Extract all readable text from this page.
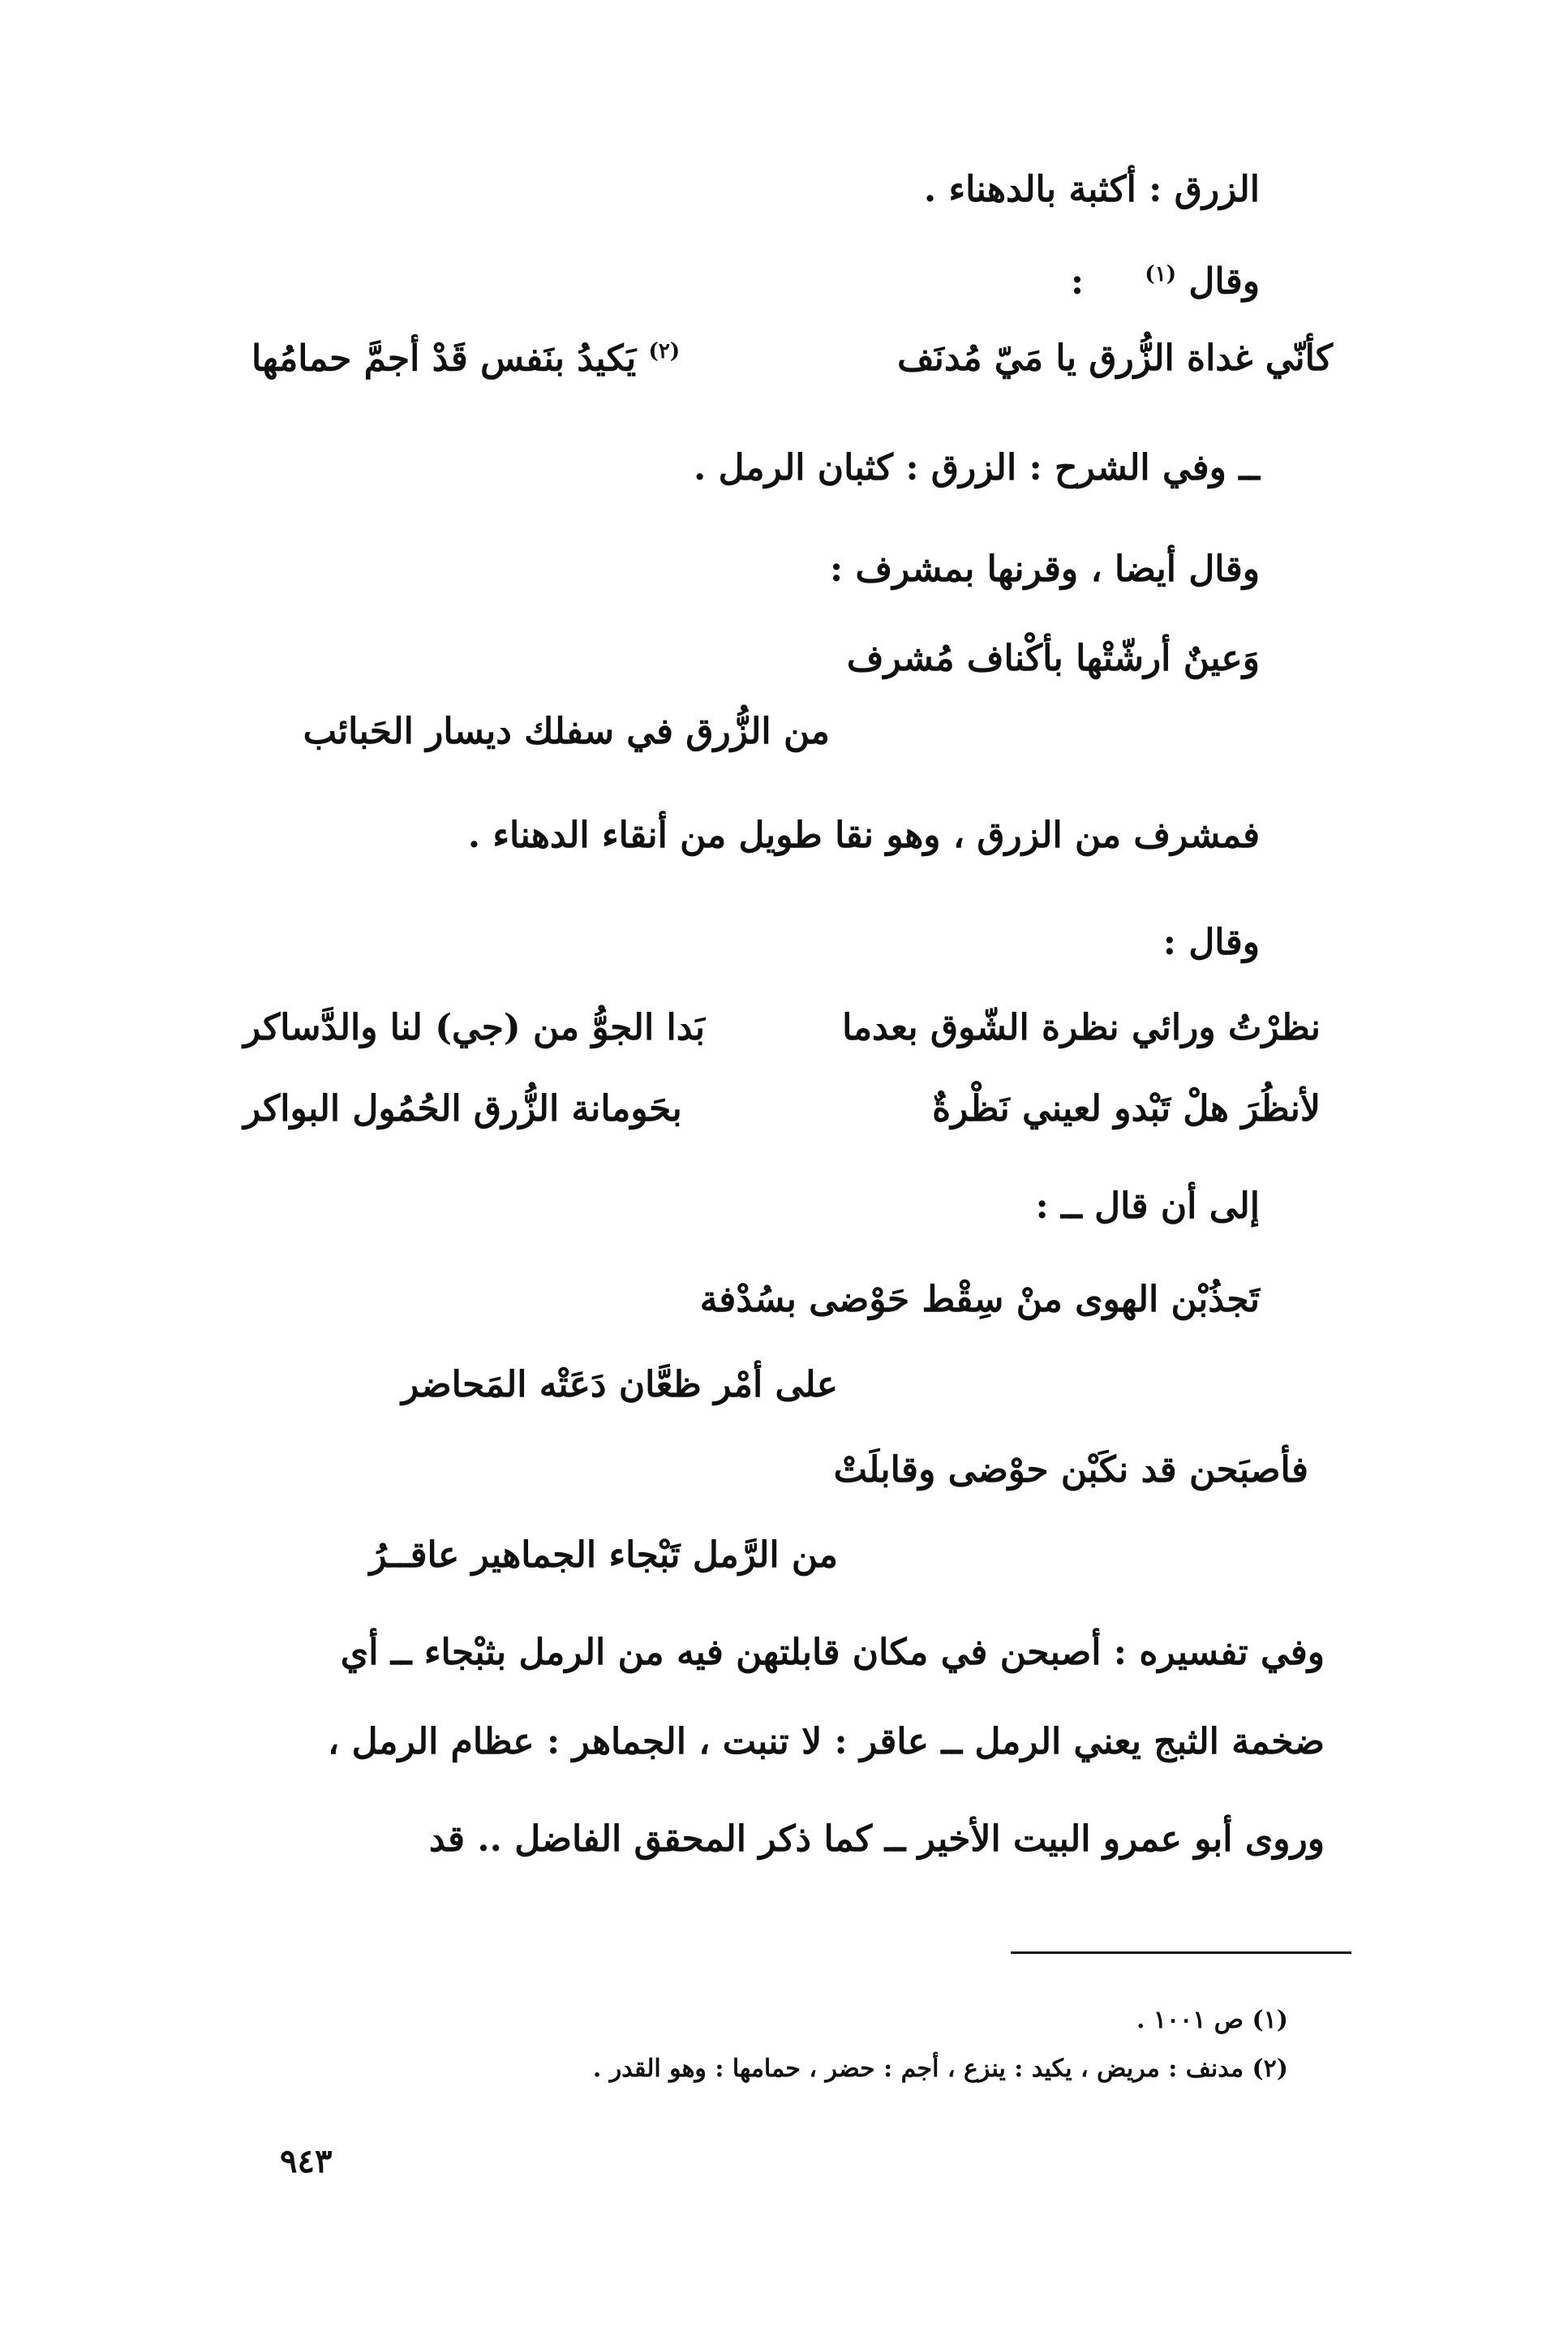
الزرق : أكثبة بالدهناء .
وقال $^{(١)}$ :
كأنّي غداة الزُّرق يا مَيّ مُدنَف
$^{(٢)}$ يَكيدُ بنَفس قَدْ أجمَّ حمامُها
ــ وفي الشرح : الزرق : كثبان الرمل .
وقال أيضا ، وقرنها بمشرف :
وَعينٌ أرشّتْها بأكْناف مُشرف
من الزُّرق في سفلك ديسار الحَبائب
فمشرف من الزرق ، وهو نقا طويل من أنقاء الدهناء .
وقال :
نظرْتُ ورائي نظرة الشّوق بعدما
بَدا الجوُّ من (جي) لنا والدَّساكر
لأنظُرَ هلْ تَبْدو لعيني نَظْرةٌ
بحَومانة الزُّرق الحُمُول البواكر
إلى أن قال ــ :
تَجذُبْن الهوى منْ سِقْط حَوْضى بسُدْفة
على أمْر ظعَّان دَعَتْه المَحاضر
فأصبَحن قد نكَبْن حوْضى وقابلَتْ
من الرَّمل تَبْجاء الجماهير عاقــرُ
وفي تفسيره : أصبحن في مكان قابلتهن فيه من الرمل بثبْجاء ــ أي
ضخمة الثبج يعني الرمل ــ عاقر : لا تنبت ، الجماهر : عظام الرمل ،
وروى أبو عمرو البيت الأخير ــ كما ذكر المحقق الفاضل .. قد
(١) ص ١٠٠١ .
(٢) مدنف : مريض ، يكيد : ينزع ، أجم : حضر ، حمامها : وهو القدر .
٩٤٣
